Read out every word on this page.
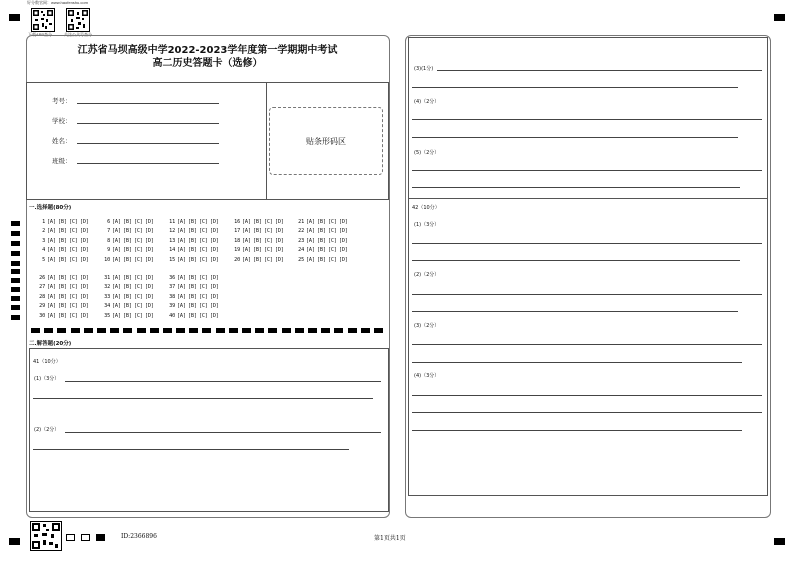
好分数官网：www.haofenshu.com
下载APP查分	关注公众号查分
江苏省马坝高级中学2022-2023学年度第一学期期中考试
高二历史答题卡（选修）
考号：
学校：
姓名：
班级：
贴条形码区
一.选择题(80分)
1 [A] [B] [C] [D]	6 [A] [B] [C] [D]	11 [A] [B] [C] [D]	16 [A] [B] [C] [D]	21 [A] [B] [C] [D]
2 [A] [B] [C] [D]	7 [A] [B] [C] [D]	12 [A] [B] [C] [D]	17 [A] [B] [C] [D]	22 [A] [B] [C] [D]
3 [A] [B] [C] [D]	8 [A] [B] [C] [D]	13 [A] [B] [C] [D]	18 [A] [B] [C] [D]	23 [A] [B] [C] [D]
4 [A] [B] [C] [D]	9 [A] [B] [C] [D]	14 [A] [B] [C] [D]	19 [A] [B] [C] [D]	24 [A] [B] [C] [D]
5 [A] [B] [C] [D]	10 [A] [B] [C] [D]	15 [A] [B] [C] [D]	20 [A] [B] [C] [D]	25 [A] [B] [C] [D]
26 [A] [B] [C] [D]	31 [A] [B] [C] [D]	36 [A] [B] [C] [D]
27 [A] [B] [C] [D]	32 [A] [B] [C] [D]	37 [A] [B] [C] [D]
28 [A] [B] [C] [D]	33 [A] [B] [C] [D]	38 [A] [B] [C] [D]
29 [A] [B] [C] [D]	34 [A] [B] [C] [D]	39 [A] [B] [C] [D]
30 [A] [B] [C] [D]	35 [A] [B] [C] [D]	40 [A] [B] [C] [D]
二.解答题(20分)
41（10分）
(1)（3分）
(2)（2分）
ID:2366896	第1页共1页
(3)(1分)
(4)（2分）
(5)（2分）
42（10分）
(1)（3分）
(2)（2分）
(3)（2分）
(4)（3分）
